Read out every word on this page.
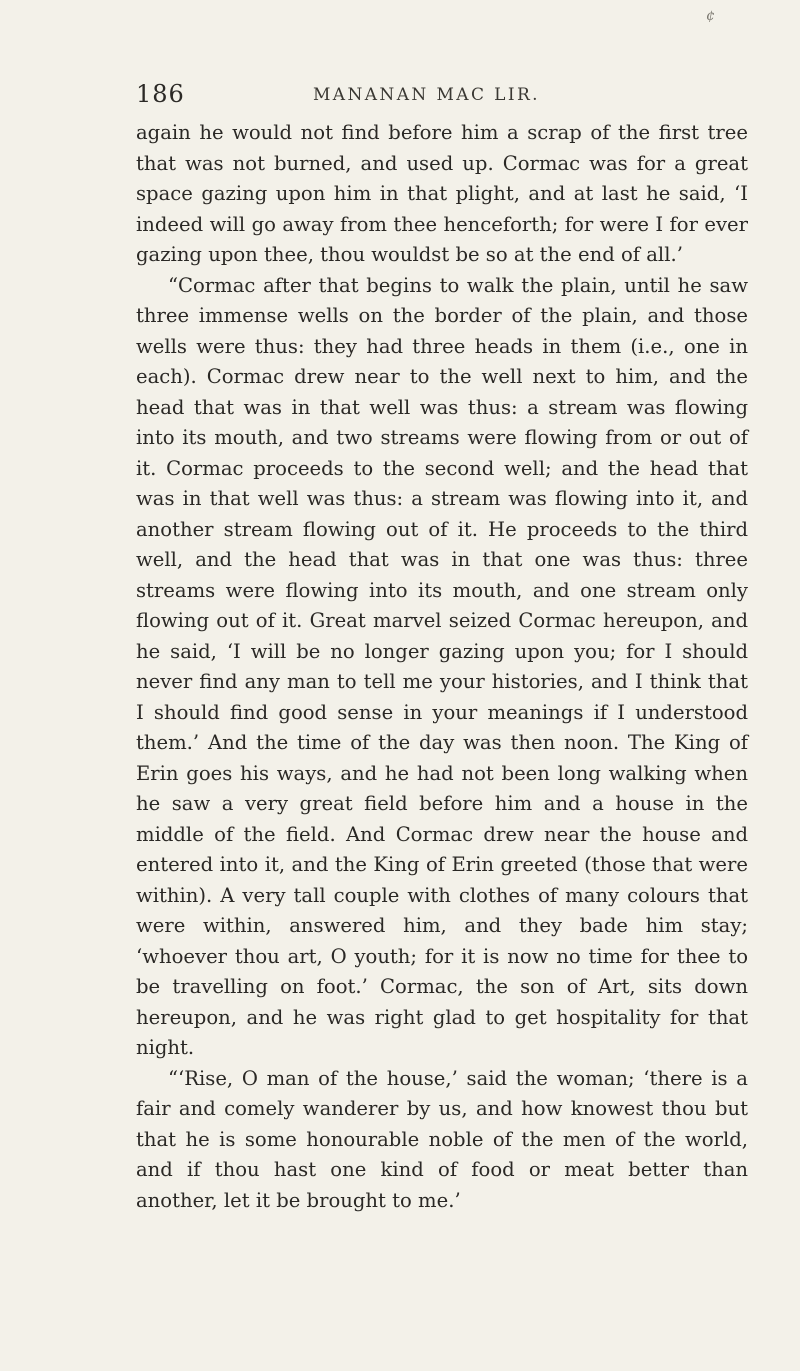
¢
186	MANANAN MAC LIR.

again he would not find before him a scrap of the first tree that was not burned, and used up. Cormac was for a great space gazing upon him in that plight, and at last he said, ‘I indeed will go away from thee henceforth; for were I for ever gazing upon thee, thou wouldst be so at the end of all.’

“Cormac after that begins to walk the plain, until he saw three immense wells on the border of the plain, and those wells were thus: they had three heads in them (i.e., one in each). Cormac drew near to the well next to him, and the head that was in that well was thus: a stream was flowing into its mouth, and two streams were flowing from or out of it. Cormac proceeds to the second well; and the head that was in that well was thus: a stream was flowing into it, and another stream flowing out of it. He proceeds to the third well, and the head that was in that one was thus: three streams were flowing into its mouth, and one stream only flowing out of it. Great marvel seized Cormac hereupon, and he said, ‘I will be no longer gazing upon you; for I should never find any man to tell me your histories, and I think that I should find good sense in your meanings if I understood them.’ And the time of the day was then noon. The King of Erin goes his ways, and he had not been long walking when he saw a very great field before him and a house in the middle of the field. And Cormac drew near the house and entered into it, and the King of Erin greeted (those that were within). A very tall couple with clothes of many colours that were within, answered him, and they bade him stay; ‘whoever thou art, O youth; for it is now no time for thee to be travelling on foot.’ Cormac, the son of Art, sits down hereupon, and he was right glad to get hospitality for that night.

“‘Rise, O man of the house,’ said the woman; ‘there is a fair and comely wanderer by us, and how knowest thou but that he is some honourable noble of the men of the world, and if thou hast one kind of food or meat better than another, let it be brought to me.’
